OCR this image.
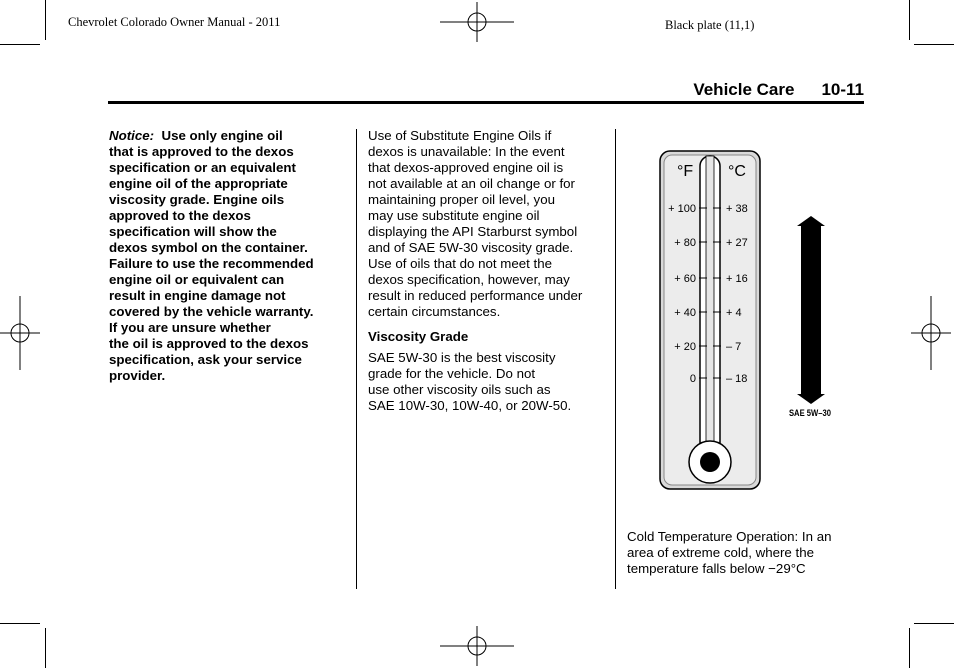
Chevrolet Colorado Owner Manual - 2011	Black plate (11,1)
Vehicle Care 10-11
Notice: Use only engine oil
that is approved to the dexos
specification or an equivalent
engine oil of the appropriate
viscosity grade. Engine oils
approved to the dexos
specification will show the
dexos symbol on the container.
Failure to use the recommended
engine oil or equivalent can
result in engine damage not
covered by the vehicle warranty.
If you are unsure whether
the oil is approved to the dexos
specification, ask your service
provider.
Use of Substitute Engine Oils if
dexos is unavailable: In the event
that dexos-approved engine oil is
not available at an oil change or for
maintaining proper oil level, you
may use substitute engine oil
displaying the API Starburst symbol
and of SAE 5W-30 viscosity grade.
Use of oils that do not meet the
dexos specification, however, may
result in reduced performance under
certain circumstances.
Viscosity Grade
SAE 5W-30 is the best viscosity
grade for the vehicle. Do not
use other viscosity oils such as
SAE 10W-30, 10W-40, or 20W-50.
°F °C
+ 100
+ 80
+ 60
+ 40
+ 20
0
+ 38
+ 27
+ 16
+ 4
– 7
– 18
SAE 5W–30
Cold Temperature Operation: In an
area of extreme cold, where the
temperature falls below −29°C
